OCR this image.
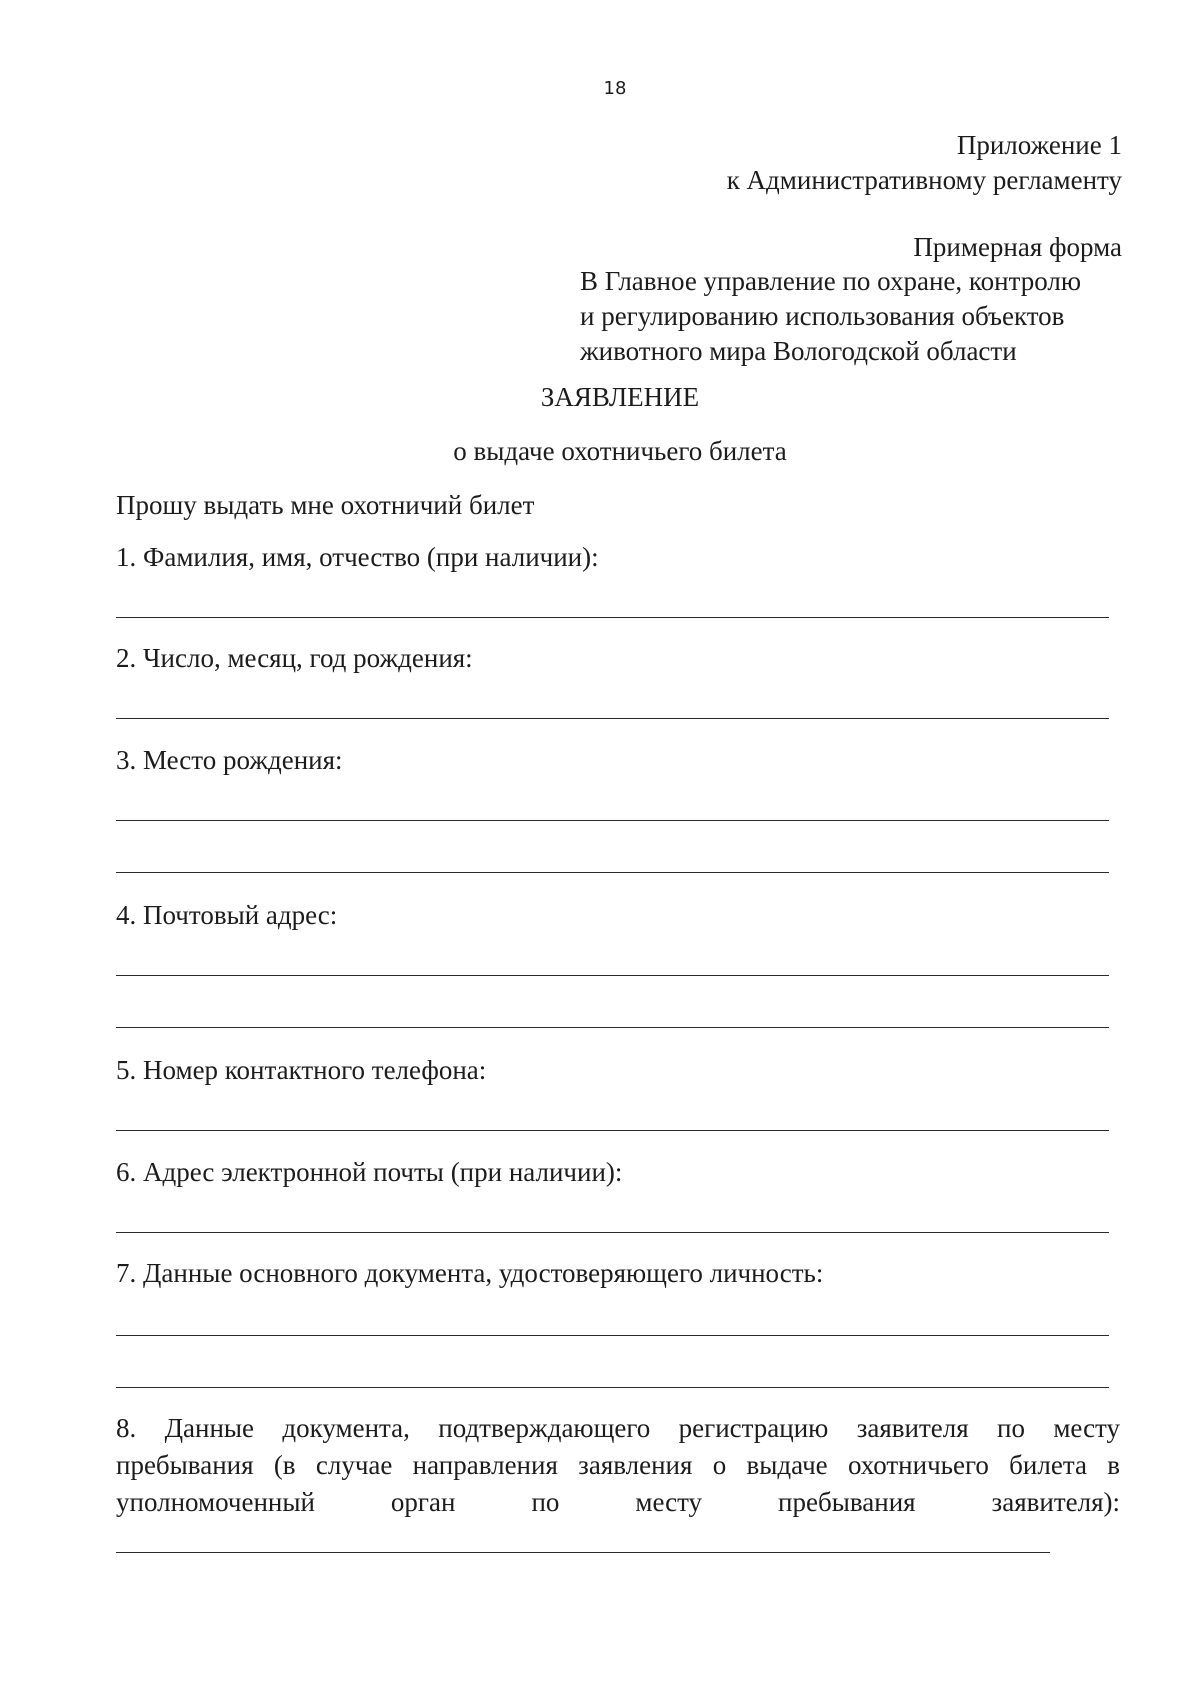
18
Приложение 1
к Административному регламенту
Примерная форма
В Главное управление по охране, контролю
и регулированию использования объектов
животного мира Вологодской области
ЗАЯВЛЕНИЕ
о выдаче охотничьего билета
Прошу выдать мне охотничий билет
1. Фамилия, имя, отчество (при наличии):
2. Число, месяц, год рождения:
3. Место рождения:
4. Почтовый адрес:
5. Номер контактного телефона:
6. Адрес электронной почты (при наличии):
7. Данные основного документа, удостоверяющего личность:
8. Данные документа, подтверждающего регистрацию заявителя по месту
пребывания (в случае направления заявления о выдаче охотничьего билета в
уполномоченный орган по месту пребывания заявителя):
